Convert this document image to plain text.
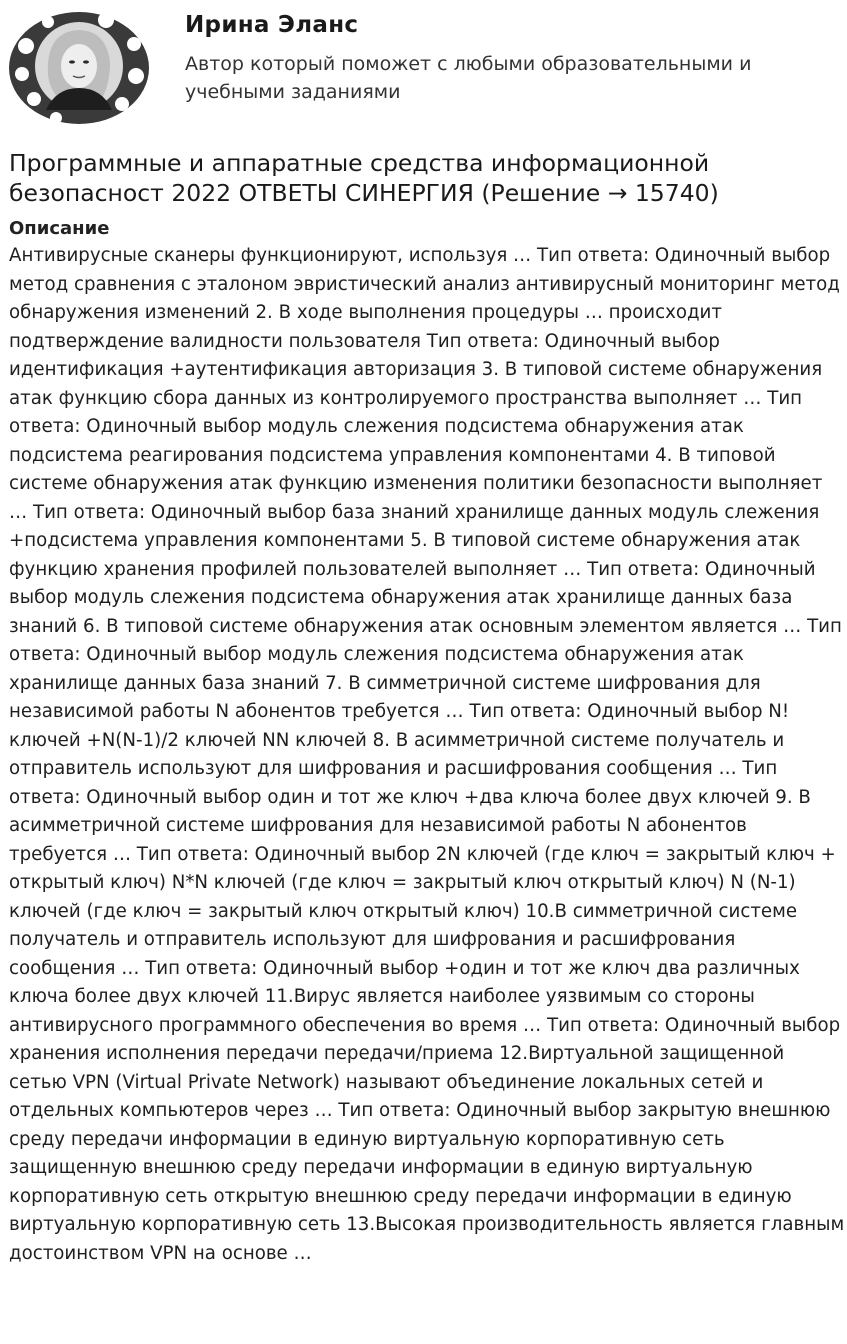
Ирина Эланс

Автор который поможет с любыми образовательными и учебными заданиями

Программные и аппаратные средства информационной безопасност 2022 ОТВЕТЫ СИНЕРГИЯ (Решение → 15740)
Описание

Антивирусные сканеры функционируют, используя … Тип ответа: Одиночный выбор метод сравнения с эталоном эвристический анализ антивирусный мониторинг метод обнаружения изменений 2. В ходе выполнения процедуры … происходит подтверждение валидности пользователя Тип ответа: Одиночный выбор идентификация +аутентификация авторизация 3. В типовой системе обнаружения атак функцию сбора данных из контролируемого пространства выполняет … Тип ответа: Одиночный выбор модуль слежения подсистема обнаружения атак подсистема реагирования подсистема управления компонентами 4. В типовой системе обнаружения атак функцию изменения политики безопасности выполняет … Тип ответа: Одиночный выбор база знаний хранилище данных модуль слежения +подсистема управления компонентами 5. В типовой системе обнаружения атак функцию хранения профилей пользователей выполняет … Тип ответа: Одиночный выбор модуль слежения подсистема обнаружения атак хранилище данных база знаний 6. В типовой системе обнаружения атак основным элементом является … Тип ответа: Одиночный выбор модуль слежения подсистема обнаружения атак хранилище данных база знаний 7. В симметричной системе шифрования для независимой работы N абонентов требуется … Тип ответа: Одиночный выбор N! ключей +N(N-1)/2 ключей NN ключей 8. В асимметричной системе получатель и отправитель используют для шифрования и расшифрования сообщения … Тип ответа: Одиночный выбор один и тот же ключ +два ключа более двух ключей 9. В асимметричной системе шифрования для независимой работы N абонентов требуется … Тип ответа: Одиночный выбор 2N ключей (где ключ = закрытый ключ + открытый ключ) N*N ключей (где ключ = закрытый ключ открытый ключ) N (N-1) ключей (где ключ = закрытый ключ открытый ключ) 10.В симметричной системе получатель и отправитель используют для шифрования и расшифрования сообщения … Тип ответа: Одиночный выбор +один и тот же ключ два различных ключа более двух ключей 11.Вирус является наиболее уязвимым со стороны антивирусного программного обеспечения во время … Тип ответа: Одиночный выбор хранения исполнения передачи передачи/приема 12.Виртуальной защищенной сетью VPN (Virtual Private Network) называют объединение локальных сетей и отдельных компьютеров через … Тип ответа: Одиночный выбор закрытую внешнюю среду передачи информации в единую виртуальную корпоративную сеть защищенную внешнюю среду передачи информации в единую виртуальную корпоративную сеть открытую внешнюю среду передачи информации в единую виртуальную корпоративную сеть 13.Высокая производительность является главным достоинством VPN на основе …
